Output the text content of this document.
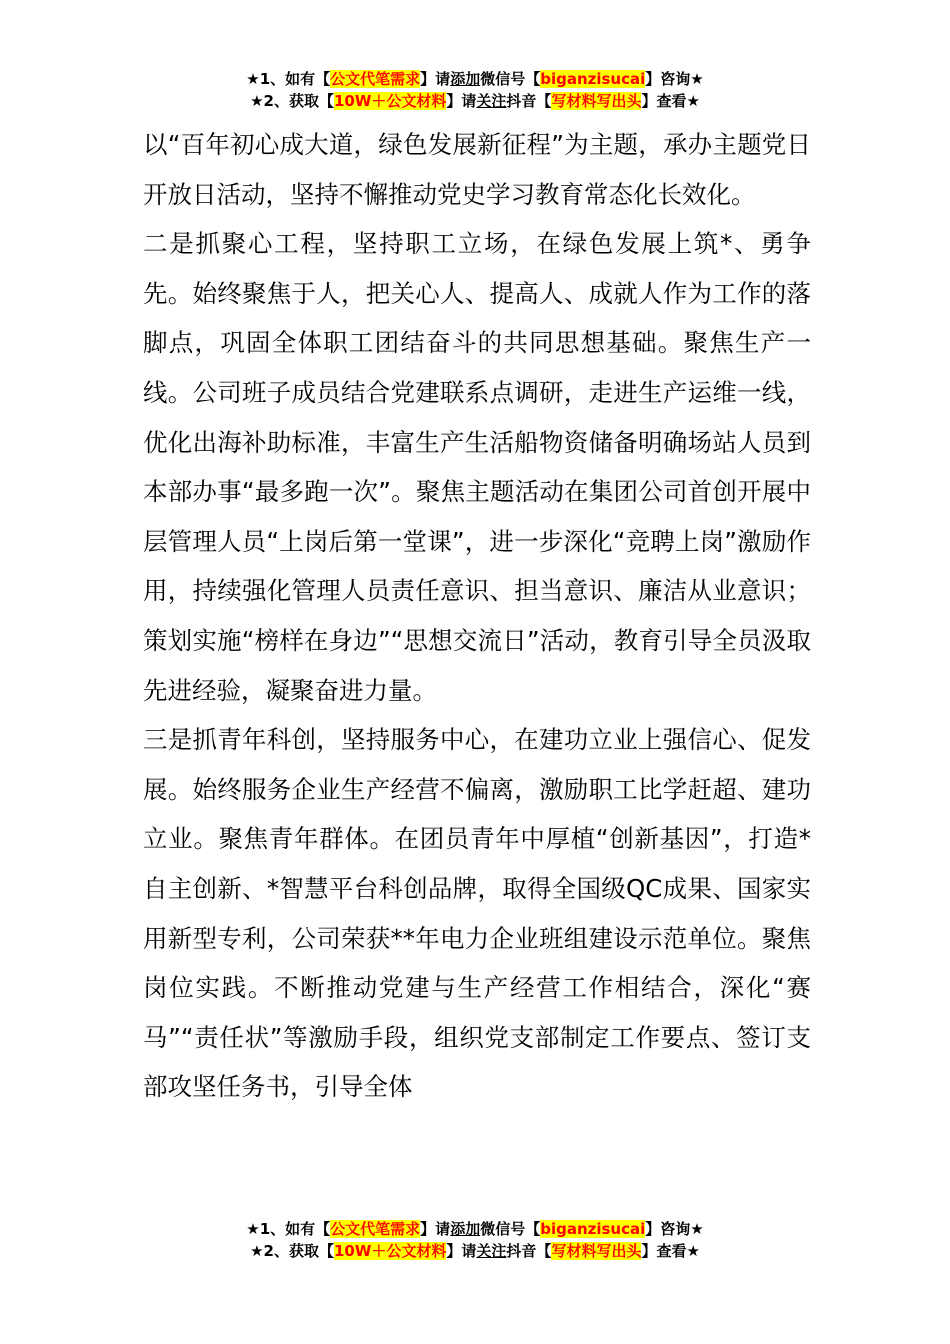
★1、如有【公文代笔需求】请添加微信号【biganzisucai】咨询★
★2、获取【10W＋公文材料】请关注抖音【写材料写出头】查看★

以“百年初心成大道，绿色发展新征程”为主题，承办主题党日开放日活动，坚持不懈推动党史学习教育常态化长效化。

二是抓聚心工程，坚持职工立场，在绿色发展上筑*、勇争先。始终聚焦于人，把关心人、提高人、成就人作为工作的落脚点，巩固全体职工团结奋斗的共同思想基础。聚焦生产一线。公司班子成员结合党建联系点调研，走进生产运维一线，优化出海补助标准，丰富生产生活船物资储备明确场站人员到本部办事“最多跑一次”。聚焦主题活动在集团公司首创开展中层管理人员“上岗后第一堂课”，进一步深化“竞聘上岗”激励作用，持续强化管理人员责任意识、担当意识、廉洁从业意识；策划实施“榜样在身边”“思想交流日”活动，教育引导全员汲取先进经验，凝聚奋进力量。

三是抓青年科创，坚持服务中心，在建功立业上强信心、促发展。始终服务企业生产经营不偏离，激励职工比学赶超、建功立业。聚焦青年群体。在团员青年中厚植“创新基因”，打造*自主创新、*智慧平台科创品牌，取得全国级QC成果、国家实用新型专利，公司荣获**年电力企业班组建设示范单位。聚焦岗位实践。不断推动党建与生产经营工作相结合，深化“赛马”“责任状”等激励手段，组织党支部制定工作要点、签订支部攻坚任务书，引导全体

★1、如有【公文代笔需求】请添加微信号【biganzisucai】咨询★
★2、获取【10W＋公文材料】请关注抖音【写材料写出头】查看★
